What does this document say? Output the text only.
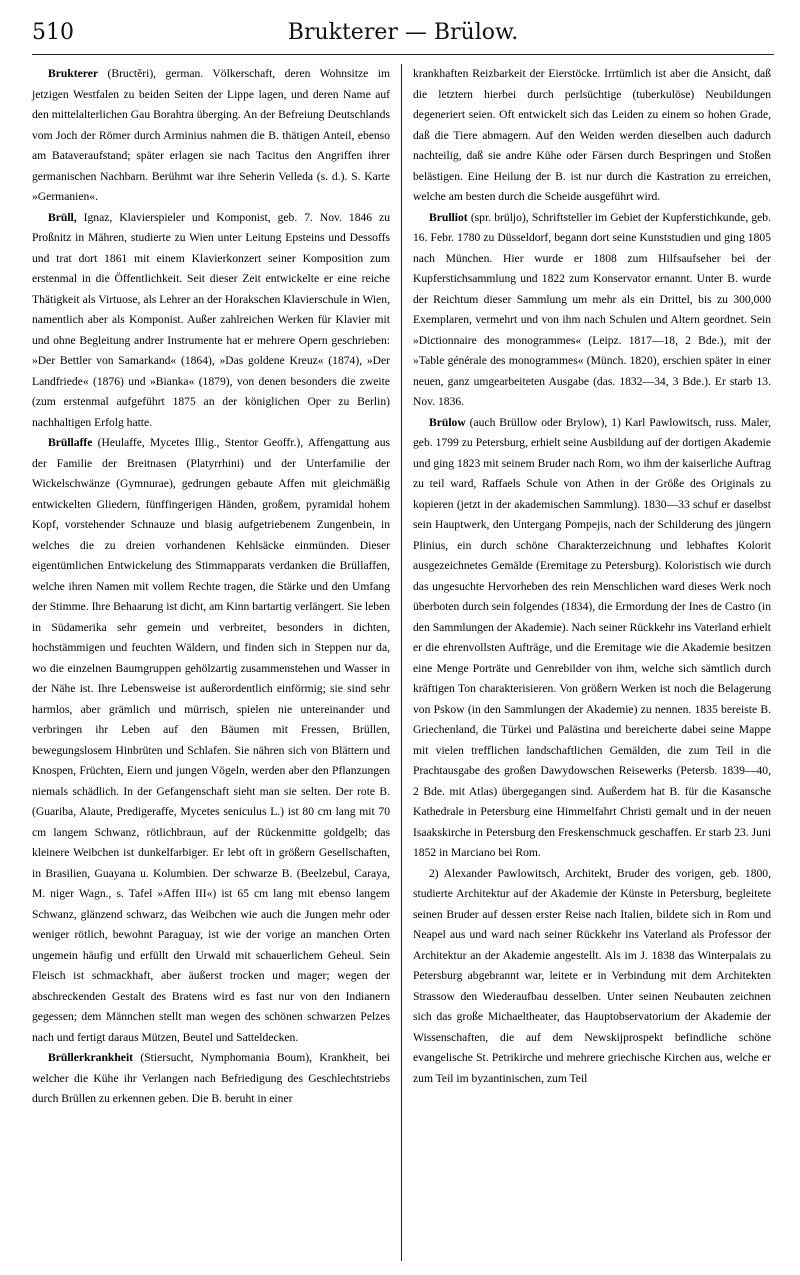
510	Brukterer — Brülow.

Brukterer (Bructĕri), german. Völkerschaft, deren Wohnsitze im jetzigen Westfalen zu beiden Seiten der Lippe lagen, und deren Name auf den mittelalterlichen Gau Borahtra überging. An der Befreiung Deutschlands vom Joch der Römer durch Arminius nahmen die B. thätigen Anteil, ebenso am Bataveraufstand; später erlagen sie nach Tacitus den Angriffen ihrer germanischen Nachbarn. Berühmt war ihre Seherin Velleda (s. d.). S. Karte »Germanien«.

Brüll, Ignaz, Klavierspieler und Komponist, geb. 7. Nov. 1846 zu Proßnitz in Mähren, studierte zu Wien unter Leitung Epsteins und Dessoffs und trat dort 1861 mit einem Klavierkonzert seiner Komposition zum erstenmal in die Öffentlichkeit. Seit dieser Zeit entwickelte er eine reiche Thätigkeit als Virtuose, als Lehrer an der Horakschen Klavierschule in Wien, namentlich aber als Komponist. Außer zahlreichen Werken für Klavier mit und ohne Begleitung andrer Instrumente hat er mehrere Opern geschrieben: »Der Bettler von Samarkand« (1864), »Das goldene Kreuz« (1874), »Der Landfriede« (1876) und »Bianka« (1879), von denen besonders die zweite (zum erstenmal aufgeführt 1875 an der königlichen Oper zu Berlin) nachhaltigen Erfolg hatte.

Brüllaffe (Heulaffe, Mycetes Illig., Stentor Geoffr.), Affengattung aus der Familie der Breitnasen (Platyrrhini) und der Unterfamilie der Wickelschwänze (Gymnurae), gedrungen gebaute Affen mit gleichmäßig entwickelten Gliedern, fünffingerigen Händen, großem, pyramidal hohem Kopf, vorstehender Schnauze und blasig aufgetriebenem Zungenbein, in welches die zu dreien vorhandenen Kehlsäcke einmünden. Dieser eigentümlichen Entwickelung des Stimmapparats verdanken die Brüllaffen, welche ihren Namen mit vollem Rechte tragen, die Stärke und den Umfang der Stimme. Ihre Behaarung ist dicht, am Kinn bartartig verlängert. Sie leben in Südamerika sehr gemein und verbreitet, besonders in dichten, hochstämmigen und feuchten Wäldern, und finden sich in Steppen nur da, wo die einzelnen Baumgruppen gehölzartig zusammenstehen und Wasser in der Nähe ist. Ihre Lebensweise ist außerordentlich einförmig; sie sind sehr harmlos, aber grämlich und mürrisch, spielen nie untereinander und verbringen ihr Leben auf den Bäumen mit Fressen, Brüllen, bewegungslosem Hinbrüten und Schlafen. Sie nähren sich von Blättern und Knospen, Früchten, Eiern und jungen Vögeln, werden aber den Pflanzungen niemals schädlich. In der Gefangenschaft sieht man sie selten. Der rote B. (Guariba, Alaute, Predigeraffe, Mycetes seniculus L.) ist 80 cm lang mit 70 cm langem Schwanz, rötlichbraun, auf der Rückenmitte goldgelb; das kleinere Weibchen ist dunkelfarbiger. Er lebt oft in größern Gesellschaften, in Brasilien, Guayana u. Kolumbien. Der schwarze B. (Beelzebul, Caraya, M. niger Wagn., s. Tafel »Affen III«) ist 65 cm lang mit ebenso langem Schwanz, glänzend schwarz, das Weibchen wie auch die Jungen mehr oder weniger rötlich, bewohnt Paraguay, ist wie der vorige an manchen Orten ungemein häufig und erfüllt den Urwald mit schauerlichem Geheul. Sein Fleisch ist schmackhaft, aber äußerst trocken und mager; wegen der abschreckenden Gestalt des Bratens wird es fast nur von den Indianern gegessen; dem Männchen stellt man wegen des schönen schwarzen Pelzes nach und fertigt daraus Mützen, Beutel und Satteldecken.

Brüllerkrankheit (Stiersucht, Nymphomania Boum), Krankheit, bei welcher die Kühe ihr Verlangen nach Befriedigung des Geschlechtstriebs durch Brüllen zu erkennen geben. Die B. beruht in einer

krankhaften Reizbarkeit der Eierstöcke. Irrtümlich ist aber die Ansicht, daß die letztern hierbei durch perlsüchtige (tuberkulöse) Neubildungen degeneriert seien. Oft entwickelt sich das Leiden zu einem so hohen Grade, daß die Tiere abmagern. Auf den Weiden werden dieselben auch dadurch nachteilig, daß sie andre Kühe oder Färsen durch Bespringen und Stoßen belästigen. Eine Heilung der B. ist nur durch die Kastration zu erreichen, welche am besten durch die Scheide ausgeführt wird.

Brulliot (spr. brüljo), Schriftsteller im Gebiet der Kupferstichkunde, geb. 16. Febr. 1780 zu Düsseldorf, begann dort seine Kunststudien und ging 1805 nach München. Hier wurde er 1808 zum Hilfsaufseher bei der Kupferstichsammlung und 1822 zum Konservator ernannt. Unter B. wurde der Reichtum dieser Sammlung um mehr als ein Drittel, bis zu 300,000 Exemplaren, vermehrt und von ihm nach Schulen und Altern geordnet. Sein »Dictionnaire des monogrammes« (Leipz. 1817—18, 2 Bde.), mit der »Table générale des monogrammes« (Münch. 1820), erschien später in einer neuen, ganz umgearbeiteten Ausgabe (das. 1832—34, 3 Bde.). Er starb 13. Nov. 1836.

Brülow (auch Brüllow oder Brylow), 1) Karl Pawlowitsch, russ. Maler, geb. 1799 zu Petersburg, erhielt seine Ausbildung auf der dortigen Akademie und ging 1823 mit seinem Bruder nach Rom, wo ihm der kaiserliche Auftrag zu teil ward, Raffaels Schule von Athen in der Größe des Originals zu kopieren (jetzt in der akademischen Sammlung). 1830—33 schuf er daselbst sein Hauptwerk, den Untergang Pompejis, nach der Schilderung des jüngern Plinius, ein durch schöne Charakterzeichnung und lebhaftes Kolorit ausgezeichnetes Gemälde (Eremitage zu Petersburg). Koloristisch wie durch das ungesuchte Hervorheben des rein Menschlichen ward dieses Werk noch überboten durch sein folgendes (1834), die Ermordung der Ines de Castro (in den Sammlungen der Akademie). Nach seiner Rückkehr ins Vaterland erhielt er die ehrenvollsten Aufträge, und die Eremitage wie die Akademie besitzen eine Menge Porträte und Genrebilder von ihm, welche sich sämtlich durch kräftigen Ton charakterisieren. Von größern Werken ist noch die Belagerung von Pskow (in den Sammlungen der Akademie) zu nennen. 1835 bereiste B. Griechenland, die Türkei und Palästina und bereicherte dabei seine Mappe mit vielen trefflichen landschaftlichen Gemälden, die zum Teil in die Prachtausgabe des großen Dawydowschen Reisewerks (Petersb. 1839—40, 2 Bde. mit Atlas) übergegangen sind. Außerdem hat B. für die Kasansche Kathedrale in Petersburg eine Himmelfahrt Christi gemalt und in der neuen Isaakskirche in Petersburg den Freskenschmuck geschaffen. Er starb 23. Juni 1852 in Marciano bei Rom.

2) Alexander Pawlowitsch, Architekt, Bruder des vorigen, geb. 1800, studierte Architektur auf der Akademie der Künste in Petersburg, begleitete seinen Bruder auf dessen erster Reise nach Italien, bildete sich in Rom und Neapel aus und ward nach seiner Rückkehr ins Vaterland als Professor der Architektur an der Akademie angestellt. Als im J. 1838 das Winterpalais zu Petersburg abgebrannt war, leitete er in Verbindung mit dem Architekten Strassow den Wiederaufbau desselben. Unter seinen Neubauten zeichnen sich das große Michaeltheater, das Hauptobservatorium der Akademie der Wissenschaften, die auf dem Newskijprospekt befindliche schöne evangelische St. Petrikirche und mehrere griechische Kirchen aus, welche er zum Teil im byzantinischen, zum Teil
